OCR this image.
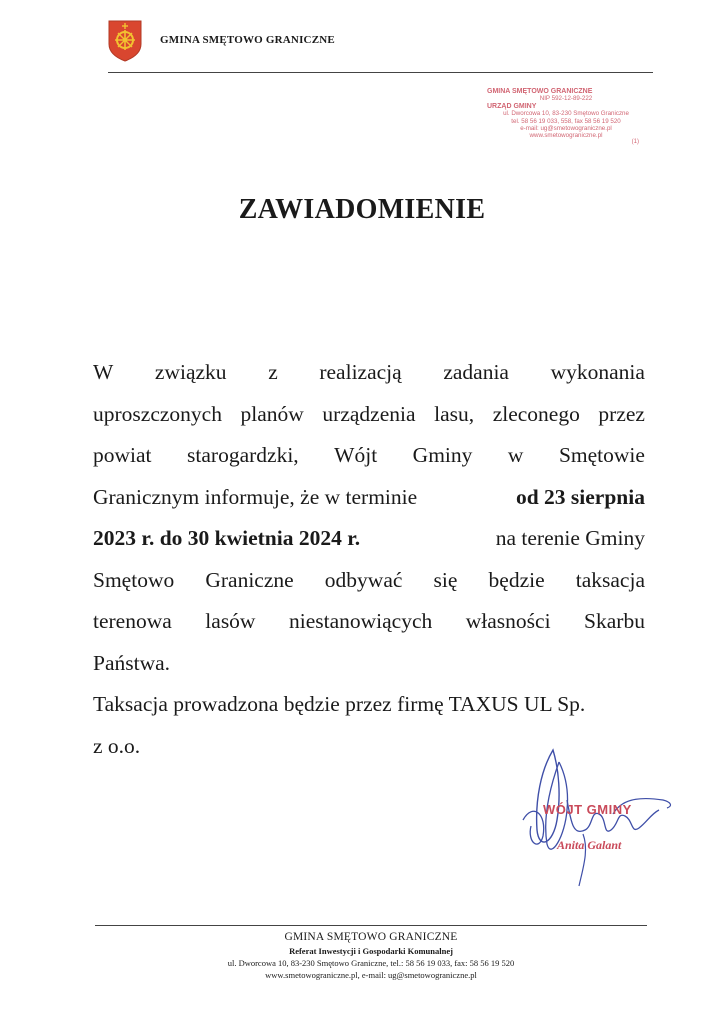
GMINA SMĘTOWO GRANICZNE
GMINA SMĘTOWO GRANICZNE
NIP 592-12-89-222
URZĄD GMINY
ul. Dworcowa 10, 83-230 Smętowo Graniczne
tel. 58 56 19 033, 558, fax 58 56 19 520
e-mail: ug@smetowograniczne.pl
www.smetowograniczne.pl
(1)
ZAWIADOMIENIE
W związku z realizacją zadania wykonania
uproszczonych planów urządzenia lasu, zleconego przez
powiat starogardzki, Wójt Gminy w Smętowie
Granicznym informuje, że w terminie	od 23 sierpnia
2023 r. do 30 kwietnia 2024 r.	na terenie Gminy
Smętowo Graniczne odbywać się będzie taksacja
terenowa lasów niestanowiących własności Skarbu
Państwa.
Taksacja prowadzona będzie przez firmę TAXUS UL Sp.
z o.o.
WÓJT GMINY
Anita Galant
GMINA SMĘTOWO GRANICZNE
Referat Inwestycji i Gospodarki Komunalnej
ul. Dworcowa 10, 83-230 Smętowo Graniczne, tel.: 58 56 19 033, fax: 58 56 19 520
www.smetowograniczne.pl, e-mail: ug@smetowograniczne.pl
